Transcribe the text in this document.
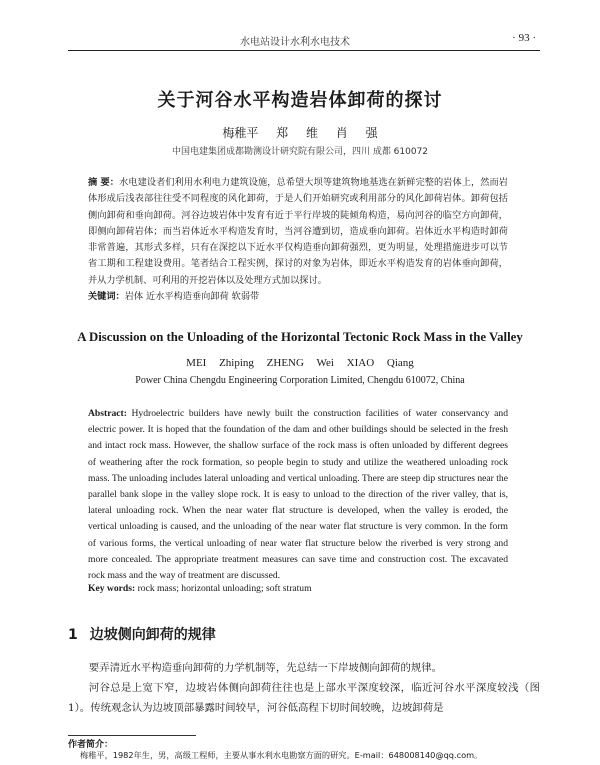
水电站设计水利水电技术	· 93 ·
关于河谷水平构造岩体卸荷的探讨
梅稚平 郑 维 肖 强
中国电建集团成都勘测设计研究院有限公司，四川 成都 610072
摘 要：水电建设者们利用水利电力建筑设施，总希望大坝等建筑物地基选在新鲜完整的岩体上，然而岩体形成后浅表部往往受不同程度的风化卸荷，于是人们开始研究或利用部分的风化卸荷岩体。卸荷包括侧向卸荷和垂向卸荷。河谷边坡岩体中发育有近于平行岸坡的陡倾角构造，易向河谷的临空方向卸荷，即侧向卸荷岩体；而当岩体近水平构造发育时，当河谷遭到切，造成垂向卸荷。岩体近水平构造时卸荷非常普遍，其形式多样，只有在深挖以下近水平仅构造垂向卸荷强烈，更为明显，处理措施进步可以节省工期和工程建设费用。笔者结合工程实例，探讨的对象为岩体，即近水平构造发育的岩体垂向卸荷，并从力学机制、可利用的开挖岩体以及处理方式加以探讨。
关键词：岩体 近水平构造垂向卸荷 软弱带
A Discussion on the Unloading of the Horizontal Tectonic Rock Mass in the Valley
MEI Zhiping ZHENG Wei XIAO Qiang
Power China Chengdu Engineering Corporation Limited, Chengdu 610072, China
Abstract: Hydroelectric builders have newly built the construction facilities of water conservancy and electric power. It is hoped that the foundation of the dam and other buildings should be selected in the fresh and intact rock mass. However, the shallow surface of the rock mass is often unloaded by different degrees of weathering after the rock formation, so people begin to study and utilize the weathered unloading rock mass. The unloading includes lateral unloading and vertical unloading. There are steep dip structures near the parallel bank slope in the valley slope rock. It is easy to unload to the direction of the river valley, that is, lateral unloading rock. When the near water flat structure is developed, when the valley is eroded, the vertical unloading is caused, and the unloading of the near water flat structure is very common. In the form of various forms, the vertical unloading of near water flat structure below the riverbed is very strong and more concealed. The appropriate treatment measures can save time and construction cost. The excavated rock mass and the way of treatment are discussed.
Key words: rock mass; horizontal unloading; soft stratum
1 边坡侧向卸荷的规律

要弄清近水平构造垂向卸荷的力学机制等，先总结一下岸坡侧向卸荷的规律。

河谷总是上宽下窄，边坡岩体侧向卸荷往往也是上部水平深度较深，临近河谷水平深度较浅（图1）。传统观念认为边坡顶部暴露时间较早，河谷低高程下切时间较晚，边坡卸荷是

作者简介：
梅稚平，1982年生，男，高级工程师，主要从事水利水电勘察方面的研究。E-mail：648008140@qq.com。
